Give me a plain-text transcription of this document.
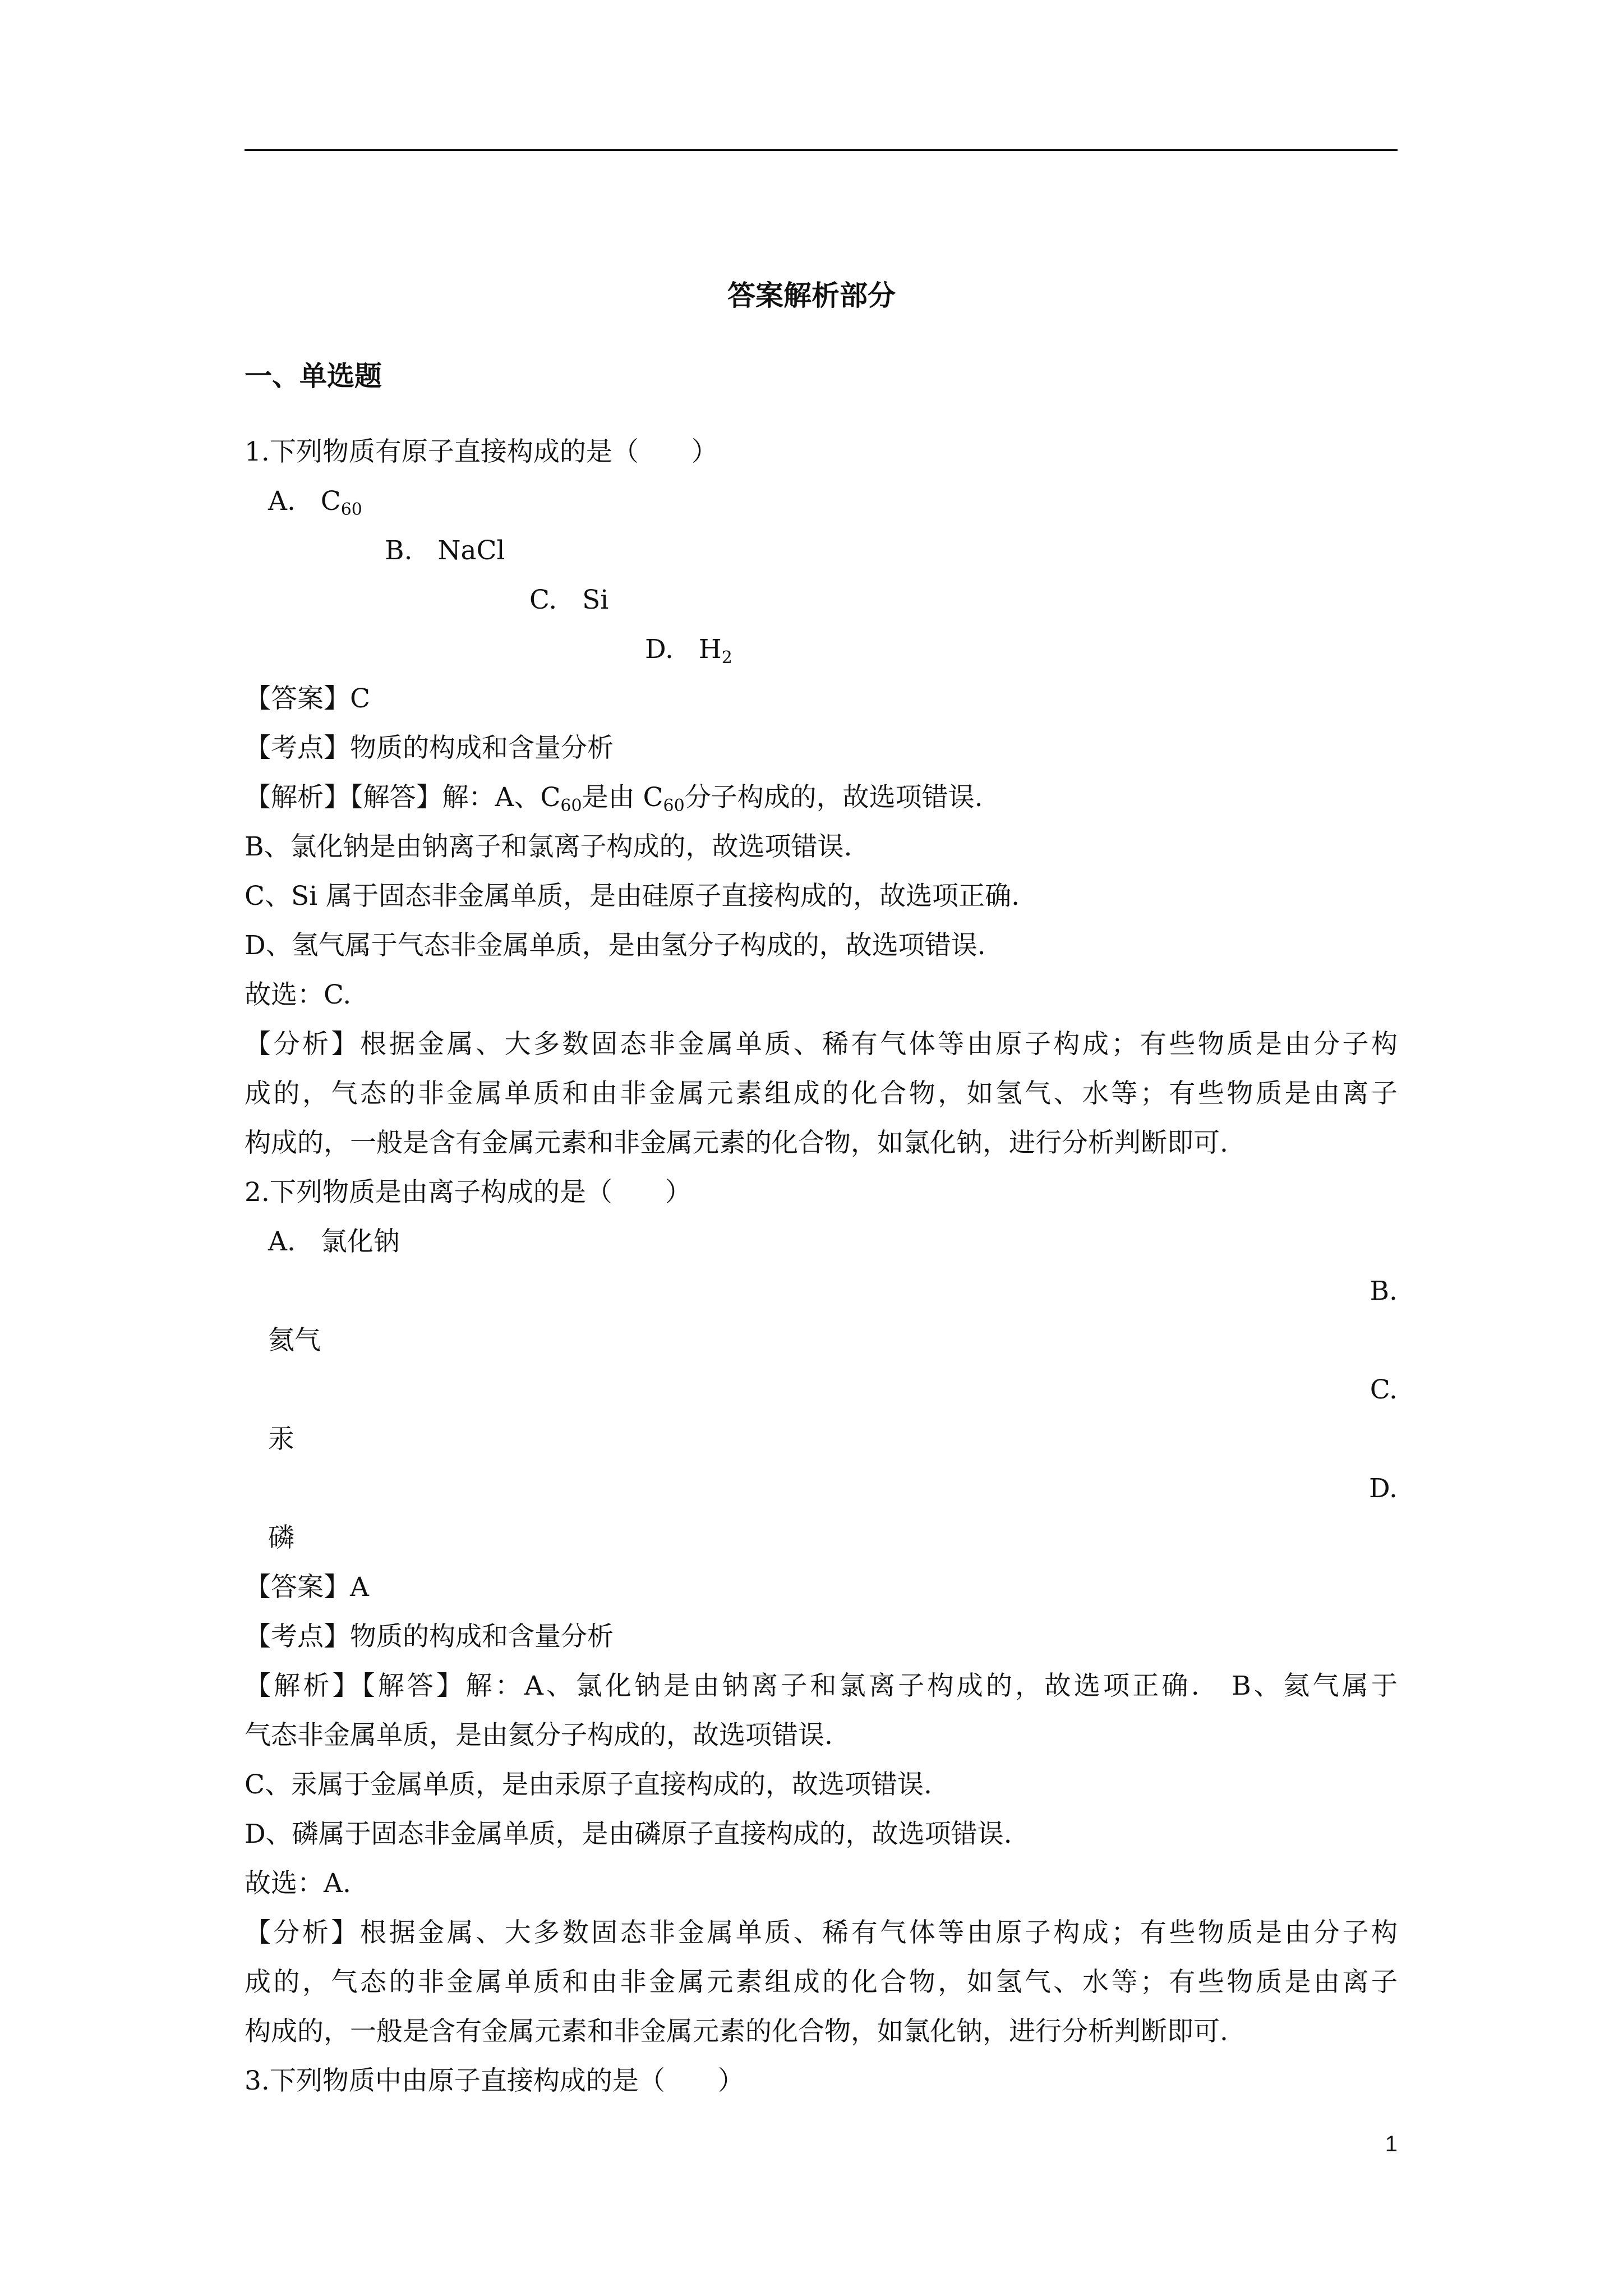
答案解析部分
一、单选题
1.下列物质有原子直接构成的是（　　）
A. $C_{60}$
B. NaCl
C. Si
D. $H_2$
【答案】C
【考点】物质的构成和含量分析
【解析】【解答】解：A、$C_{60}$是由 $C_{60}$分子构成的，故选项错误.
B、氯化钠是由钠离子和氯离子构成的，故选项错误.
C、Si 属于固态非金属单质，是由硅原子直接构成的，故选项正确.
D、氢气属于气态非金属单质，是由氢分子构成的，故选项错误.
故选：C.
【分析】根据金属、大多数固态非金属单质、稀有气体等由原子构成；有些物质是由分子构
成的，气态的非金属单质和由非金属元素组成的化合物，如氢气、水等；有些物质是由离子
构成的，一般是含有金属元素和非金属元素的化合物，如氯化钠，进行分析判断即可.
2.下列物质是由离子构成的是（　　）
A. 氯化钠
B.
氦气
C.
汞
D.
磷
【答案】A
【考点】物质的构成和含量分析
【解析】【解答】解：A、氯化钠是由钠离子和氯离子构成的，故选项正确.　B、氦气属于
气态非金属单质，是由氦分子构成的，故选项错误.
C、汞属于金属单质，是由汞原子直接构成的，故选项错误.
D、磷属于固态非金属单质，是由磷原子直接构成的，故选项错误.
故选：A.
【分析】根据金属、大多数固态非金属单质、稀有气体等由原子构成；有些物质是由分子构
成的，气态的非金属单质和由非金属元素组成的化合物，如氢气、水等；有些物质是由离子
构成的，一般是含有金属元素和非金属元素的化合物，如氯化钠，进行分析判断即可.
3.下列物质中由原子直接构成的是（　　）
1
